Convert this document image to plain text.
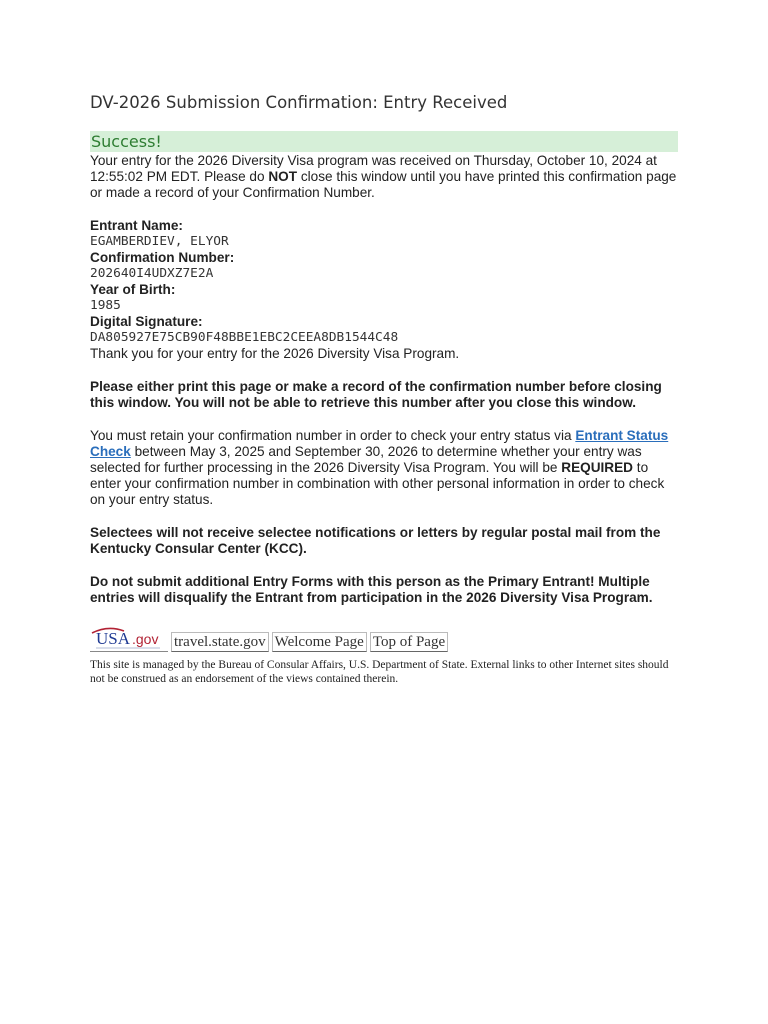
DV-2026 Submission Confirmation: Entry Received
Success!

Your entry for the 2026 Diversity Visa program was received on Thursday, October 10, 2024 at 12:55:02 PM EDT. Please do NOT close this window until you have printed this confirmation page or made a record of your Confirmation Number.

Entrant Name:
EGAMBERDIEV, ELYOR
Confirmation Number:
202640I4UDXZ7E2A
Year of Birth:
1985
Digital Signature:
DA805927E75CB90F48BBE1EBC2CEEA8DB1544C48

Thank you for your entry for the 2026 Diversity Visa Program.

Please either print this page or make a record of the confirmation number before closing this window. You will not be able to retrieve this number after you close this window.

You must retain your confirmation number in order to check your entry status via Entrant Status Check between May 3, 2025 and September 30, 2026 to determine whether your entry was selected for further processing in the 2026 Diversity Visa Program. You will be REQUIRED to enter your confirmation number in combination with other personal information in order to check on your entry status.

Selectees will not receive selectee notifications or letters by regular postal mail from the Kentucky Consular Center (KCC).

Do not submit additional Entry Forms with this person as the Primary Entrant! Multiple entries will disqualify the Entrant from participation in the 2026 Diversity Visa Program.

USA .gov travel.state.gov Welcome Page Top of Page
This site is managed by the Bureau of Consular Affairs, U.S. Department of State. External links to other Internet sites should not be construed as an endorsement of the views contained therein.
